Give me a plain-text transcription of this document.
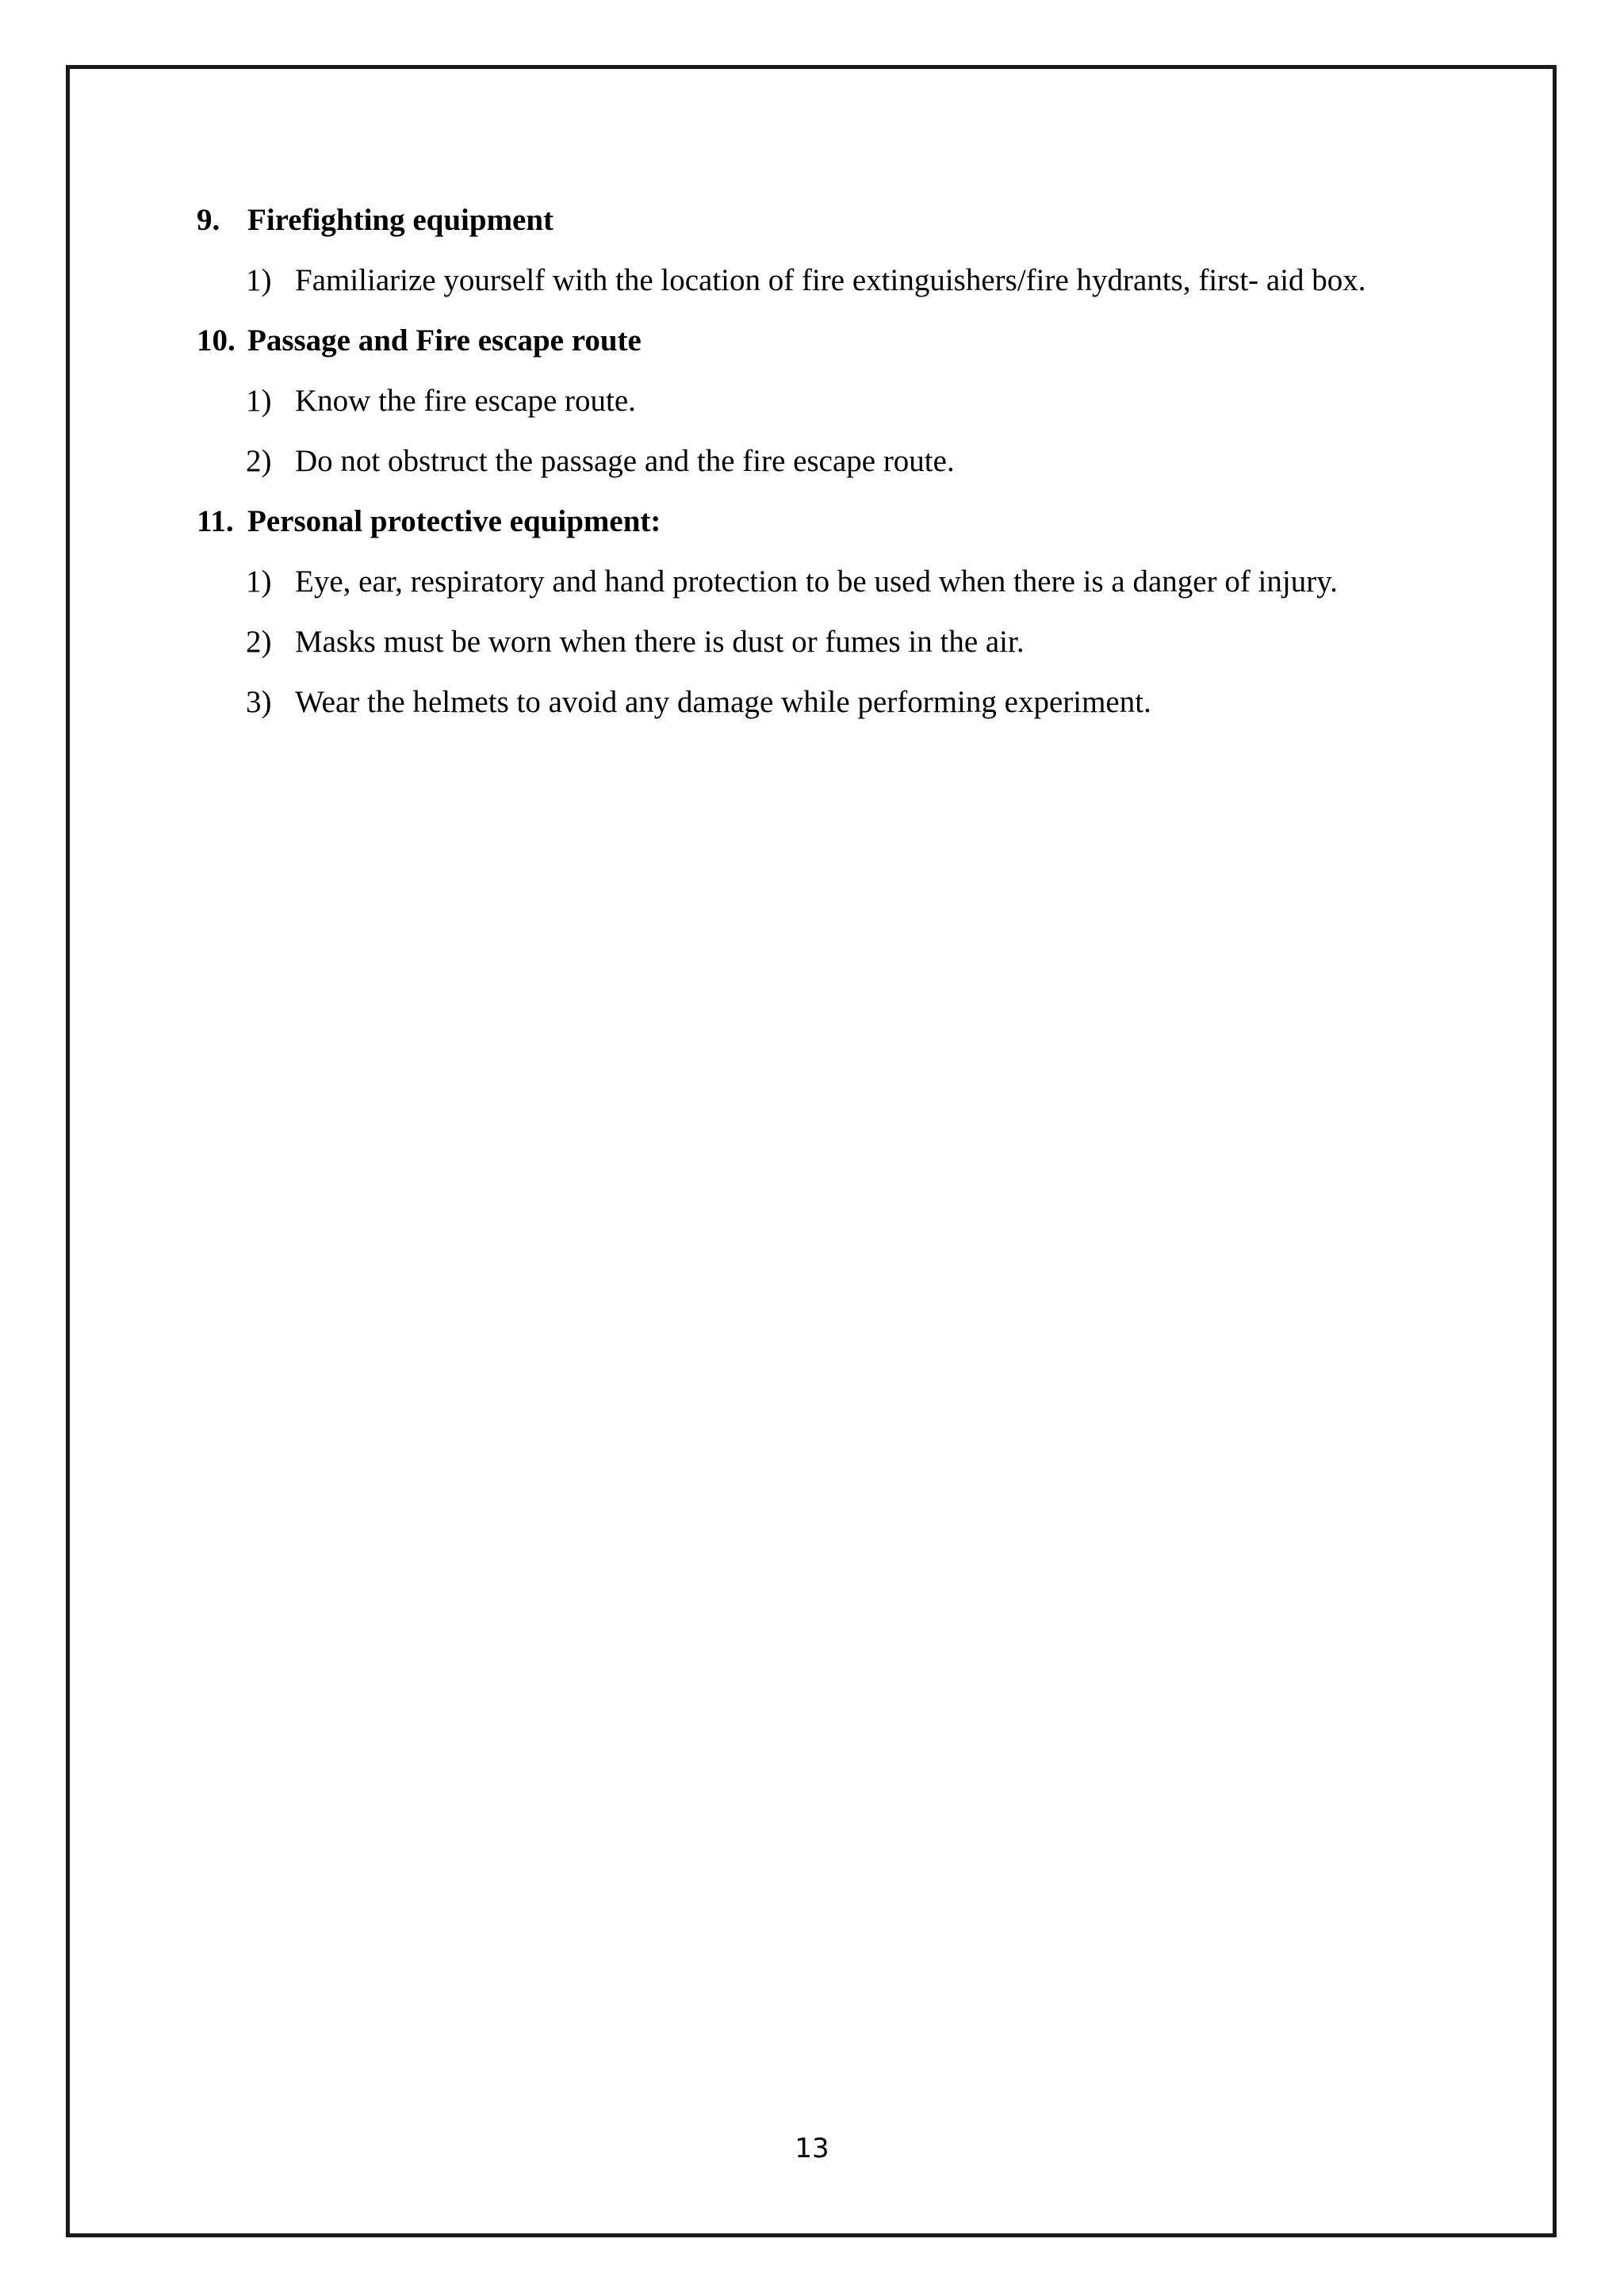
9. Firefighting equipment
1) Familiarize yourself with the location of fire extinguishers/fire hydrants, first- aid box.
10. Passage and Fire escape route
1) Know the fire escape route.
2) Do not obstruct the passage and the fire escape route.
11. Personal protective equipment:
1) Eye, ear, respiratory and hand protection to be used when there is a danger of injury.
2) Masks must be worn when there is dust or fumes in the air.
3) Wear the helmets to avoid any damage while performing experiment.
13
